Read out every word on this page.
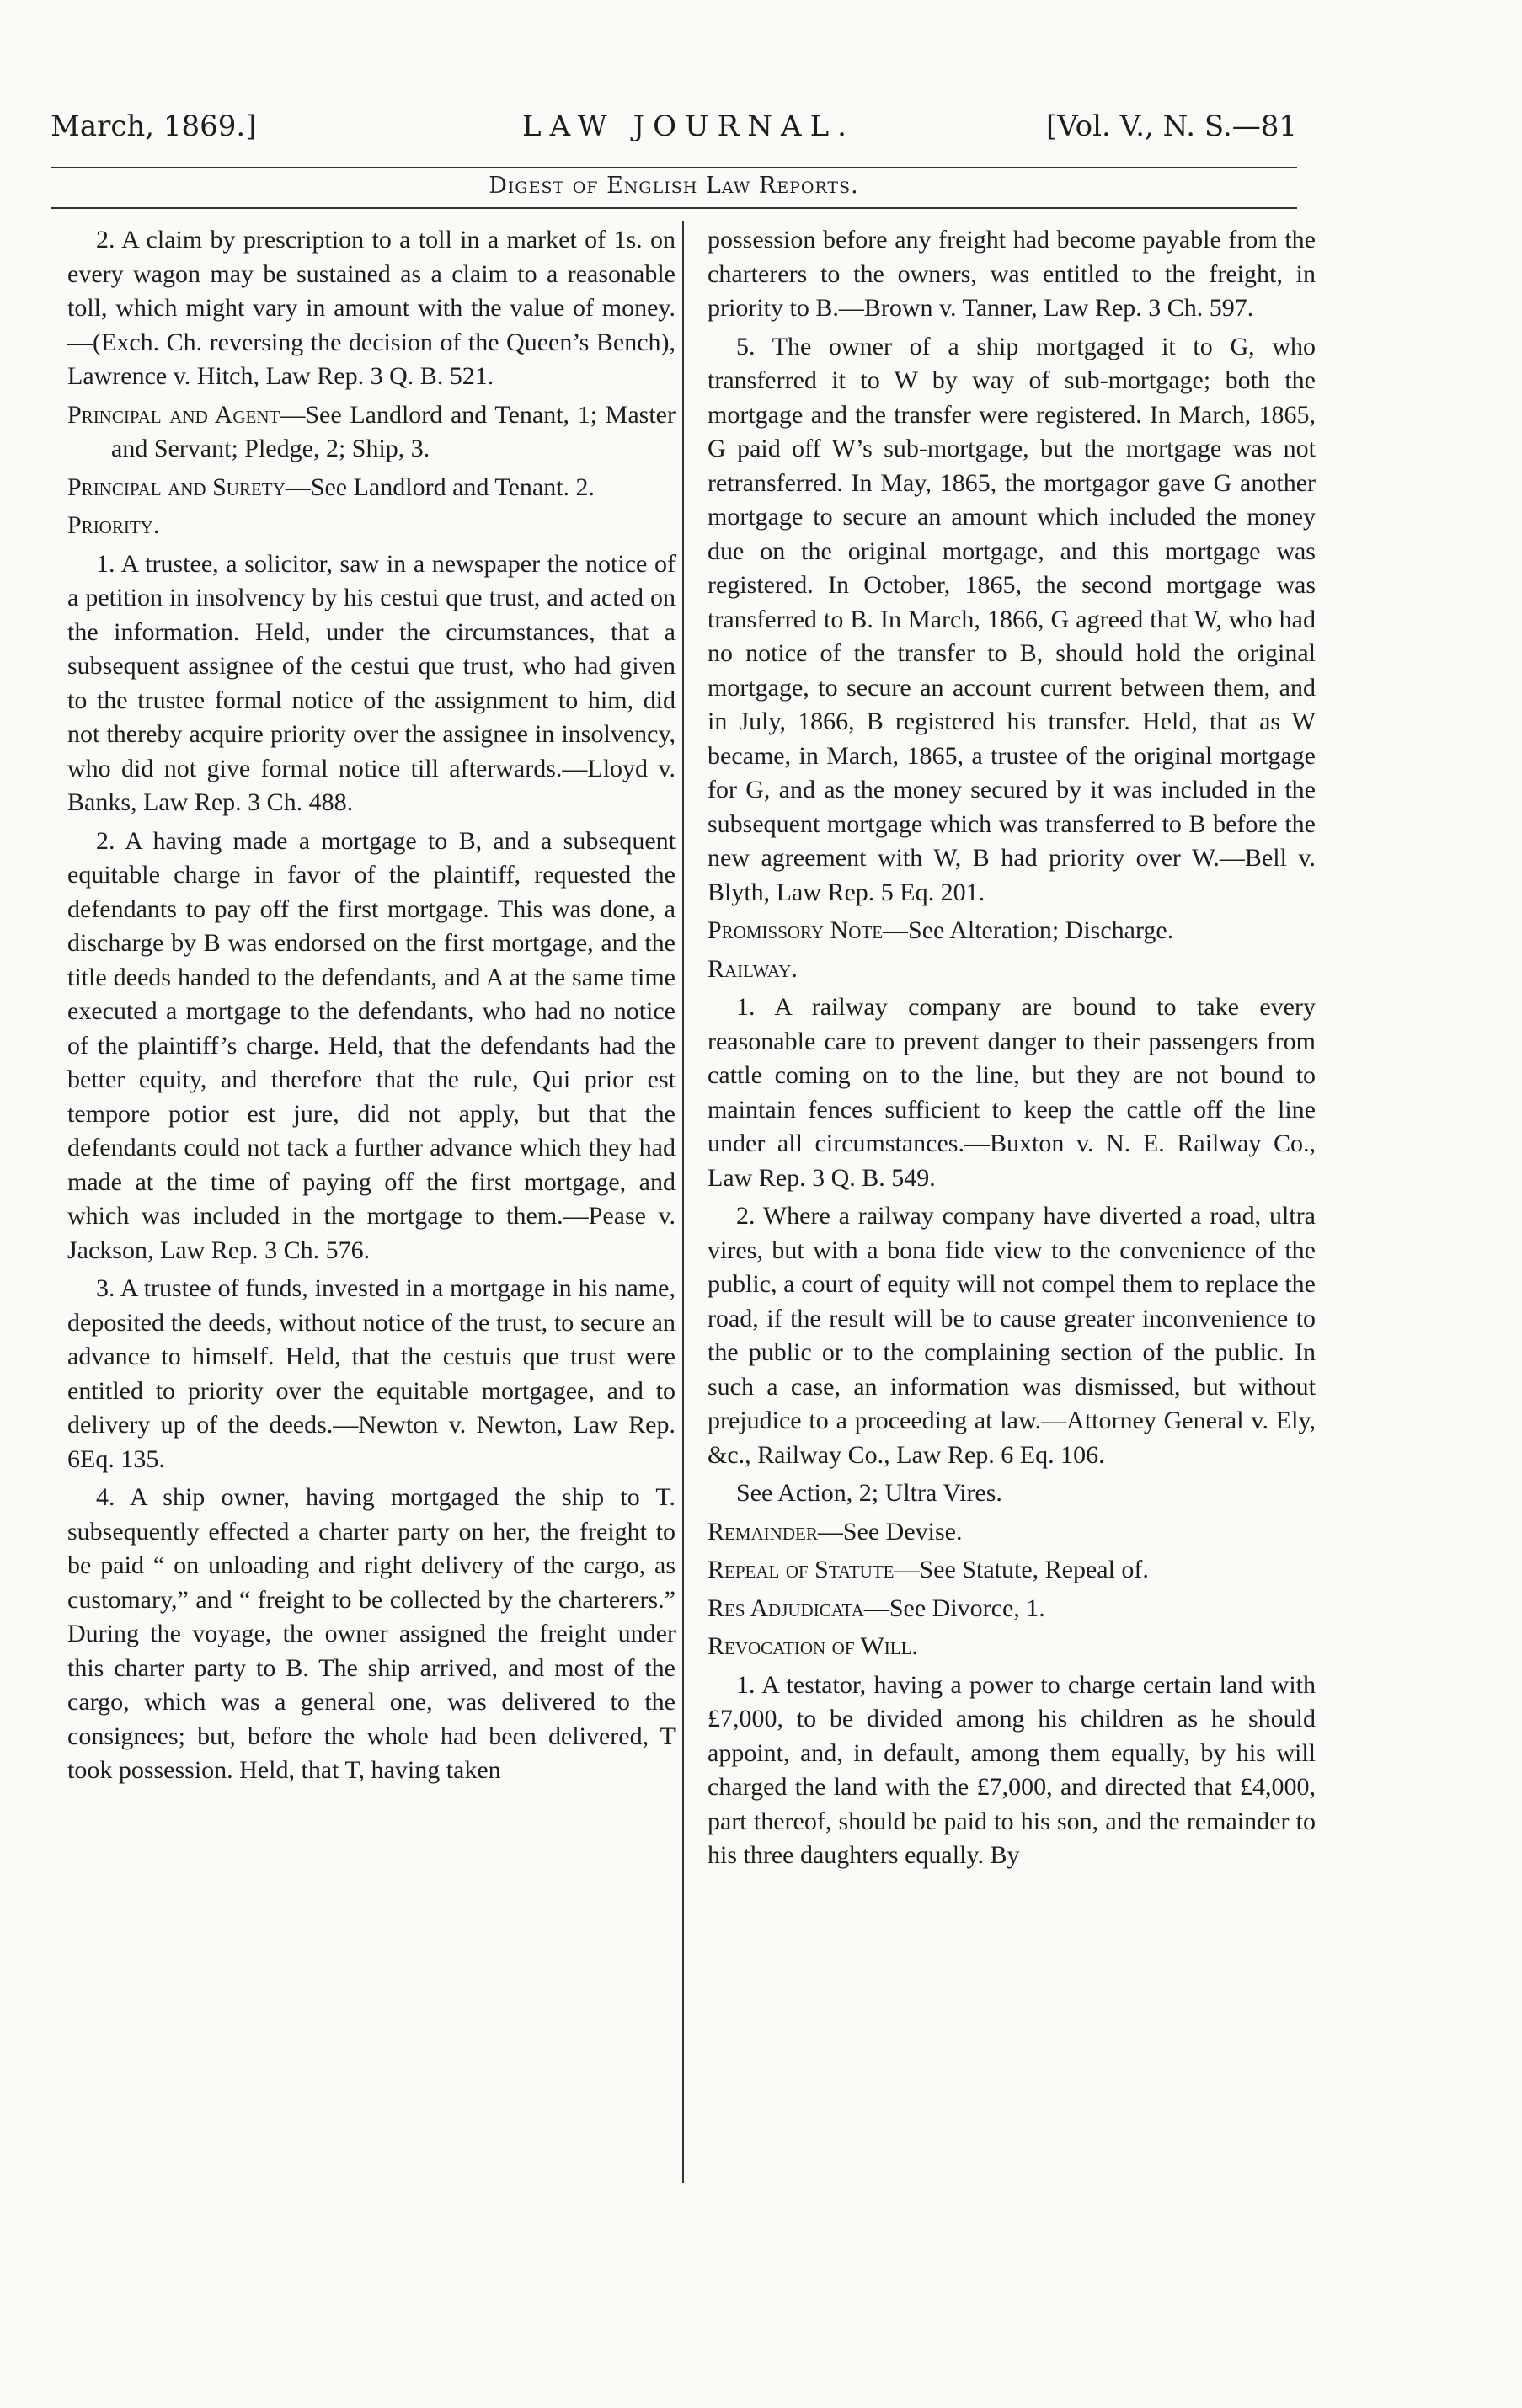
March, 1869.]	LAW JOURNAL.	[Vol. V., N. S.—81
Digest of English Law Reports.

2. A claim by prescription to a toll in a market of 1s. on every wagon may be sustained as a claim to a reasonable toll, which might vary in amount with the value of money.—(Exch. Ch. reversing the decision of the Queen’s Bench), Lawrence v. Hitch, Law Rep. 3 Q. B. 521.

Principal and Agent—See Landlord and Tenant, 1; Master and Servant; Pledge, 2; Ship, 3.

Principal and Surety—See Landlord and Tenant. 2.

Priority.

1. A trustee, a solicitor, saw in a newspaper the notice of a petition in insolvency by his cestui que trust, and acted on the information. Held, under the circumstances, that a subsequent assignee of the cestui que trust, who had given to the trustee formal notice of the assignment to him, did not thereby acquire priority over the assignee in insolvency, who did not give formal notice till afterwards.—Lloyd v. Banks, Law Rep. 3 Ch. 488.

2. A having made a mortgage to B, and a subsequent equitable charge in favor of the plaintiff, requested the defendants to pay off the first mortgage. This was done, a discharge by B was endorsed on the first mortgage, and the title deeds handed to the defendants, and A at the same time executed a mortgage to the defendants, who had no notice of the plaintiff’s charge. Held, that the defendants had the better equity, and therefore that the rule, Qui prior est tempore potior est jure, did not apply, but that the defendants could not tack a further advance which they had made at the time of paying off the first mortgage, and which was included in the mortgage to them.—Pease v. Jackson, Law Rep. 3 Ch. 576.

3. A trustee of funds, invested in a mortgage in his name, deposited the deeds, without notice of the trust, to secure an advance to himself. Held, that the cestuis que trust were entitled to priority over the equitable mortgagee, and to delivery up of the deeds.—Newton v. Newton, Law Rep. 6Eq. 135.

4. A ship owner, having mortgaged the ship to T. subsequently effected a charter party on her, the freight to be paid “ on unloading and right delivery of the cargo, as customary,” and “ freight to be collected by the charterers.” During the voyage, the owner assigned the freight under this charter party to B. The ship arrived, and most of the cargo, which was a general one, was delivered to the consignees; but, before the whole had been delivered, T took possession. Held, that T, having taken

possession before any freight had become payable from the charterers to the owners, was entitled to the freight, in priority to B.—Brown v. Tanner, Law Rep. 3 Ch. 597.

5. The owner of a ship mortgaged it to G, who transferred it to W by way of sub-mortgage; both the mortgage and the transfer were registered. In March, 1865, G paid off W’s sub-mortgage, but the mortgage was not retransferred. In May, 1865, the mortgagor gave G another mortgage to secure an amount which included the money due on the original mortgage, and this mortgage was registered. In October, 1865, the second mortgage was transferred to B. In March, 1866, G agreed that W, who had no notice of the transfer to B, should hold the original mortgage, to secure an account current between them, and in July, 1866, B registered his transfer. Held, that as W became, in March, 1865, a trustee of the original mortgage for G, and as the money secured by it was included in the subsequent mortgage which was transferred to B before the new agreement with W, B had priority over W.—Bell v. Blyth, Law Rep. 5 Eq. 201.

Promissory Note—See Alteration; Discharge.

Railway.

1. A railway company are bound to take every reasonable care to prevent danger to their passengers from cattle coming on to the line, but they are not bound to maintain fences sufficient to keep the cattle off the line under all circumstances.—Buxton v. N. E. Railway Co., Law Rep. 3 Q. B. 549.

2. Where a railway company have diverted a road, ultra vires, but with a bona fide view to the convenience of the public, a court of equity will not compel them to replace the road, if the result will be to cause greater inconvenience to the public or to the complaining section of the public. In such a case, an information was dismissed, but without prejudice to a proceeding at law.—Attorney General v. Ely, &c., Railway Co., Law Rep. 6 Eq. 106.

See Action, 2; Ultra Vires.

Remainder—See Devise.

Repeal of Statute—See Statute, Repeal of.

Res Adjudicata—See Divorce, 1.

Revocation of Will.

1. A testator, having a power to charge certain land with £7,000, to be divided among his children as he should appoint, and, in default, among them equally, by his will charged the land with the £7,000, and directed that £4,000, part thereof, should be paid to his son, and the remainder to his three daughters equally. By
